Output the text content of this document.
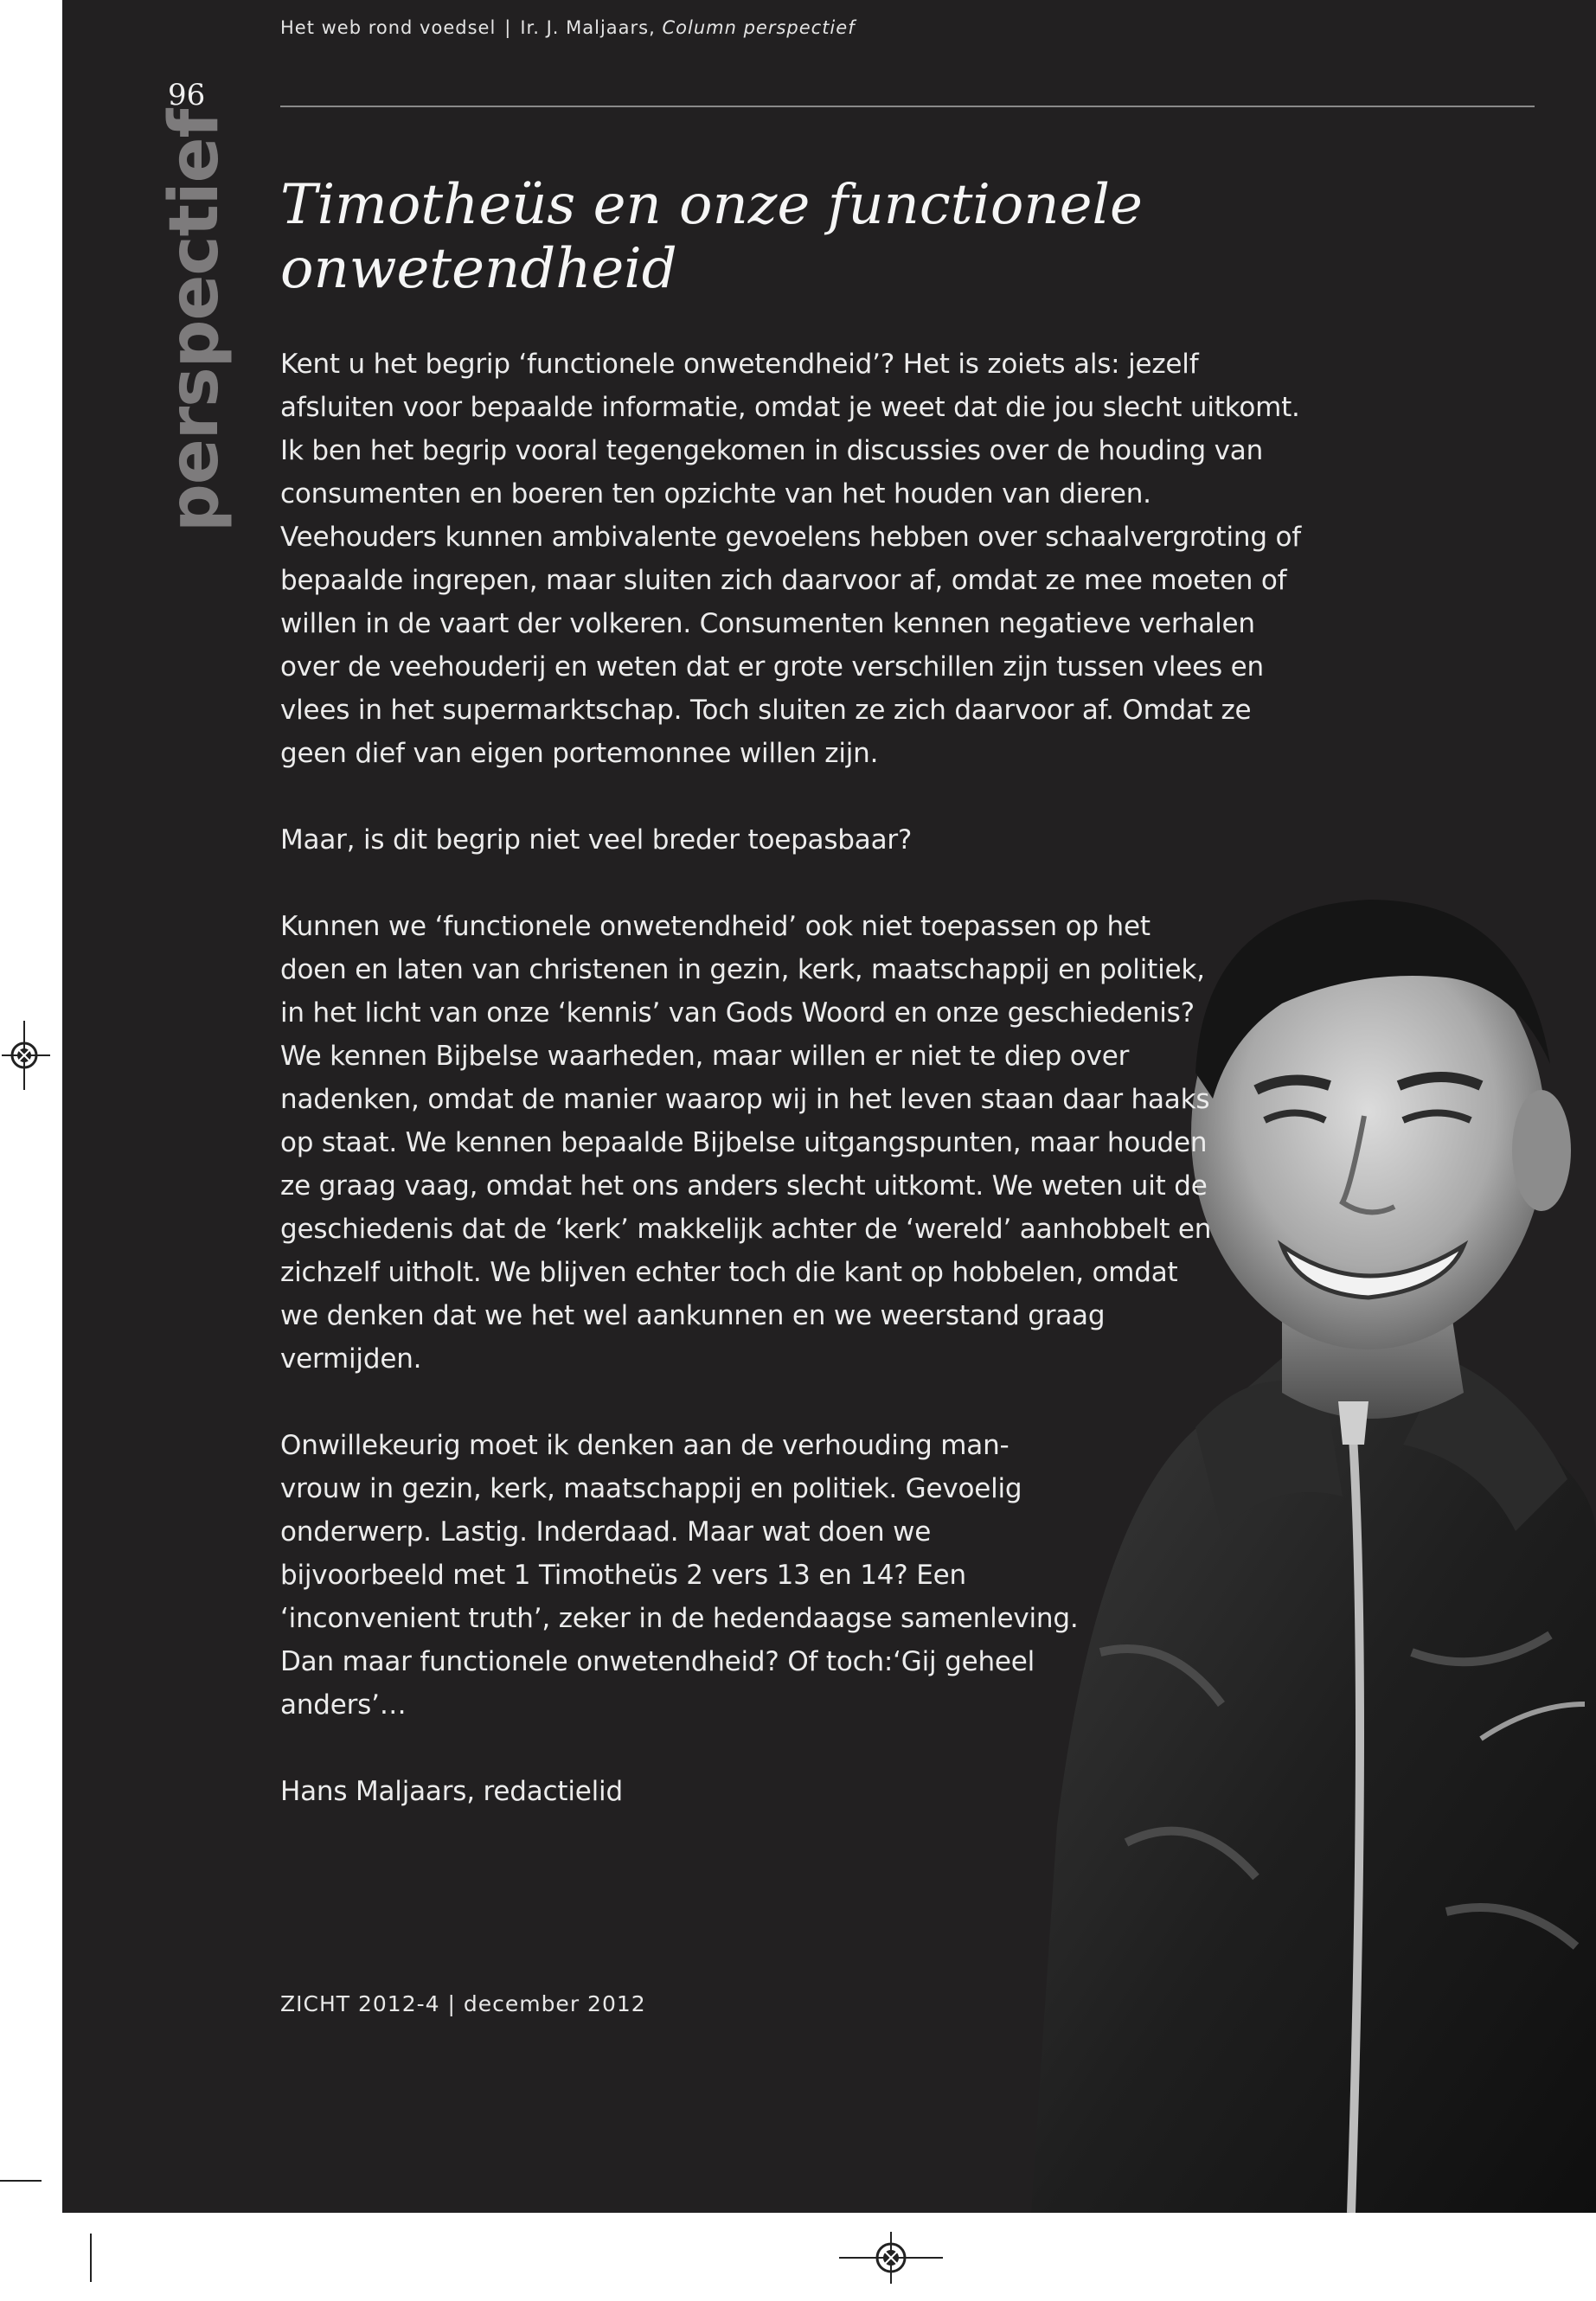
Het web rond voedsel | Ir. J. Maljaars, Column perspectief
96
perspectief Timotheüs en onze functionele onwetendheid

Kent u het begrip ‘functionele onwetendheid’? Het is zoiets als: jezelf afsluiten voor bepaalde informatie, omdat je weet dat die jou slecht uitkomt. Ik ben het begrip vooral tegengekomen in discussies over de houding van consumenten en boeren ten opzichte van het houden van dieren. Veehouders kunnen ambivalente gevoelens hebben over schaalvergroting of bepaalde ingrepen, maar sluiten zich daarvoor af, omdat ze mee moeten of willen in de vaart der volkeren. Consumenten kennen negatieve verhalen over de veehouderij en weten dat er grote verschillen zijn tussen vlees en vlees in het supermarktschap. Toch sluiten ze zich daarvoor af. Omdat ze geen dief van eigen portemonnee willen zijn.

Maar, is dit begrip niet veel breder toepasbaar?

Kunnen we ‘functionele onwetendheid’ ook niet toepassen op het doen en laten van christenen in gezin, kerk, maatschappij en politiek, in het licht van onze ‘kennis’ van Gods Woord en onze geschiedenis? We kennen Bijbelse waarheden, maar willen er niet te diep over nadenken, omdat de manier waarop wij in het leven staan daar haaks op staat. We kennen bepaalde Bijbelse uitgangspunten, maar houden ze graag vaag, omdat het ons anders slecht uitkomt. We weten uit de geschiedenis dat de ‘kerk’ makkelijk achter de ‘wereld’ aanhobbelt en zichzelf uitholt. We blijven echter toch die kant op hobbelen, omdat we denken dat we het wel aankunnen en we weerstand graag vermijden.

Onwillekeurig moet ik denken aan de verhouding man-vrouw in gezin, kerk, maatschappij en politiek. Gevoelig onderwerp. Lastig. Inderdaad. Maar wat doen we bijvoorbeeld met 1 Timotheüs 2 vers 13 en 14? Een ‘inconvenient truth’, zeker in de hedendaagse samenleving. Dan maar functionele onwetendheid? Of toch:‘Gij geheel anders’…

Hans Maljaars, redactielid

ZICHT 2012-4 | december 2012
